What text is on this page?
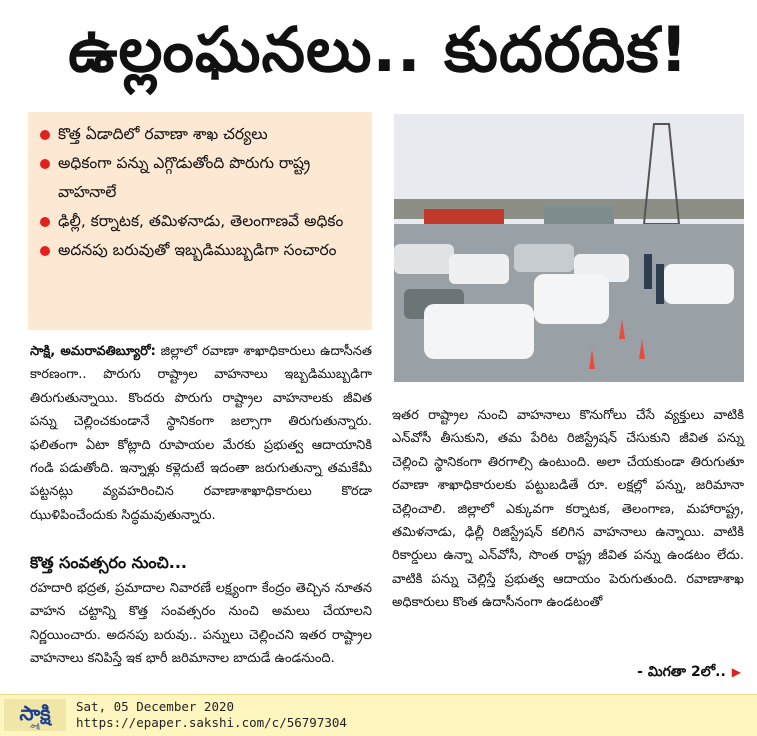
ఉల్లంఘనలు.. కుదరదిక!
కొత్త ఏడాదిలో రవాణా శాఖ చర్యలు
అధికంగా పన్ను ఎగ్గొడుతోంది పొరుగు రాష్ట్ర వాహనాలే
ఢిల్లీ, కర్నాటక, తమిళనాడు, తెలంగాణవే అధికం
అదనపు బరువుతో ఇబ్బడిముబ్బడిగా సంచారం

సాక్షి, అమరావతిబ్యూరో: జిల్లాలో రవాణా శాఖాధికారులు ఉదాసీనత కారణంగా.. పొరుగు రాష్ట్రాల వాహనాలు ఇబ్బడిముబ్బడిగా తిరుగుతున్నాయి. కొందరు పొరుగు రాష్ట్రాల వాహనాలకు జీవిత పన్ను చెల్లించకుండానే స్థానికంగా జల్సాగా తిరుగుతున్నారు. ఫలితంగా ఏటా కోట్లాది రూపాయల మేరకు ప్రభుత్వ ఆదాయానికి గండి పడుతోంది. ఇన్నాళ్లు కళ్లెదుటే ఇదంతా జరుగుతున్నా తమకేమీ పట్టనట్లు వ్యవహరించిన రవాణాశాఖాధికారులు కొరడా ఝుళిపించేందుకు సిద్ధమవుతున్నారు.

కొత్త సంవత్సరం నుంచి...

రహదారి భద్రత, ప్రమాదాల నివారణే లక్ష్యంగా కేంద్రం తెచ్చిన నూతన వాహన చట్టాన్ని కొత్త సంవత్సరం నుంచి అమలు చేయాలని నిర్ణయించారు. అదనపు బరువు.. పన్నులు చెల్లించని ఇతర రాష్ట్రాల వాహనాలు కనిపిస్తే ఇక భారీ జరిమానాల బాదుడే ఉండనుంది.

ఇతర రాష్ట్రాల నుంచి వాహనాలు కొనుగోలు చేసే వ్యక్తులు వాటికి ఎన్‌వోసీ తీసుకుని, తమ పేరిట రిజిస్ట్రేషన్ చేసుకుని జీవిత పన్ను చెల్లించి స్థానికంగా తిరగాల్సి ఉంటుంది. అలా చేయకుండా తిరుగుతూ రవాణా శాఖాధికారులకు పట్టుబడితే రూ. లక్షల్లో పన్ను, జరిమానా చెల్లించాలి. జిల్లాలో ఎక్కువగా కర్నాటక, తెలంగాణ, మహారాష్ట్ర, తమిళనాడు, ఢిల్లీ రిజిస్ట్రేషన్ కలిగిన వాహనాలు ఉన్నాయి. వాటికి రికార్డులు ఉన్నా ఎన్‌వోసీ, సొంత రాష్ట్ర జీవిత పన్ను ఉండటం లేదు. వాటికి పన్ను చెల్లిస్తే ప్రభుత్వ ఆదాయం పెరుగుతుంది. రవాణాశాఖ అధికారులు కొంత ఉదాసీనంగా ఉండటంతో

- మిగతా 2లో.. ▶
సాక్షి
సాక్షి
Sat, 05 December 2020
https://epaper.sakshi.com/c/56797304
